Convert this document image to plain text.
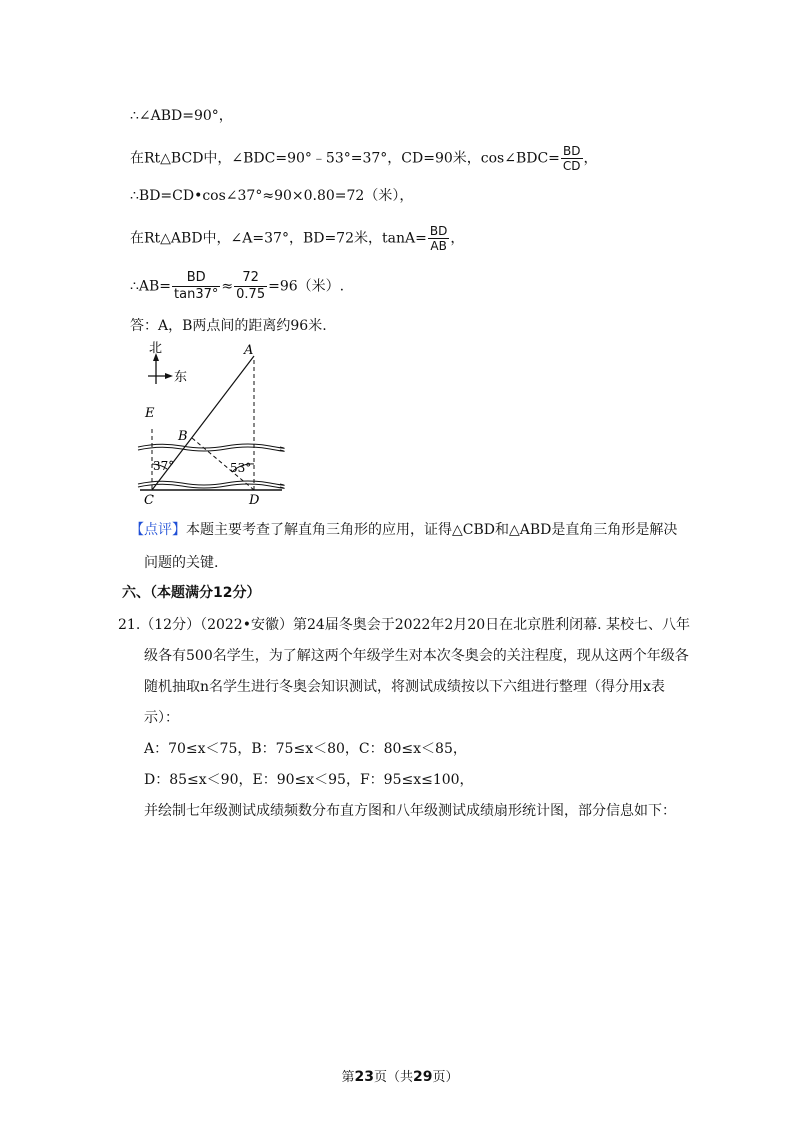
∴∠ABD=90°，
在Rt△BCD中，∠BDC=90°﹣53°=37°，CD=90米，cos∠BDC= $\frac{BD}{CD}$ ，
∴BD=CD•cos∠37°≈90×0.80=72（米），
在Rt△ABD中，∠A=37°，BD=72米，$\tan A= \frac{BD}{AB}$ ，
∴AB= $\frac{BD}{\tan 37^\circ} \approx \frac{72}{0.75} =96$（米）.
答：A，B两点间的距离约96米.
北
东
A
B
C	D
E
37°	53°
【点评】本题主要考查了解直角三角形的应用，证得△CBD和△ABD是直角三角形是解决
问题的关键.
六、（本题满分12分）
21.（12分）（2022•安徽）第24届冬奥会于2022年2月20日在北京胜利闭幕. 某校七、八年
级各有500名学生，为了解这两个年级学生对本次冬奥会的关注程度，现从这两个年级各
随机抽取n名学生进行冬奥会知识测试，将测试成绩按以下六组进行整理（得分用x表
示）：
A：70≤x＜75，B：75≤x＜80，C：80≤x＜85，
D：85≤x＜90，E：90≤x＜95，F：95≤x≤100，
并绘制七年级测试成绩频数分布直方图和八年级测试成绩扇形统计图，部分信息如下：
第23页（共29页）
